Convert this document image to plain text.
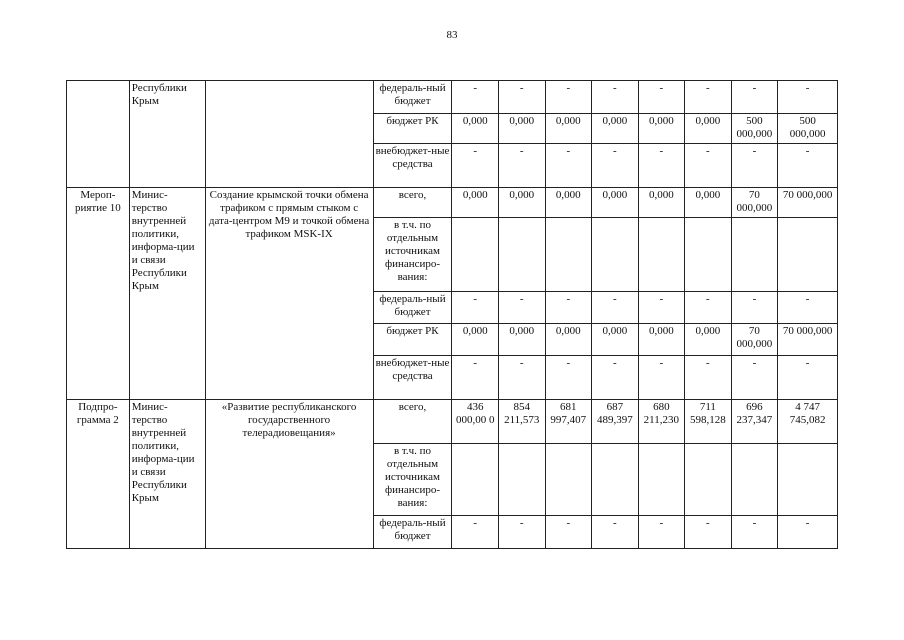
83
	Республики Крым		федераль-ный бюджет	-	-	-	-	-	-	-	-
			бюджет РК	0,000	0,000	0,000	0,000	0,000	0,000	500 000,000	500 000,000
			внебюджет-ные средства	-	-	-	-	-	-	-	-
Мероп-риятие 10	Минис-терство внутренней политики, информа-ции и связи Республики Крым	Создание крымской точки обмена трафиком с прямым стыком с дата-центром М9 и точкой обмена трафиком MSK-IX	всего,	0,000	0,000	0,000	0,000	0,000	0,000	70 000,000	70 000,000
			в т.ч. по отдельным источникам финансиро-вания:								
			федераль-ный бюджет	-	-	-	-	-	-	-	-
			бюджет РК	0,000	0,000	0,000	0,000	0,000	0,000	70 000,000	70 000,000
			внебюджет-ные средства	-	-	-	-	-	-	-	-
Подпро-грамма 2	Минис-терство внутренней политики, информа-ции и связи Республики Крым	«Развитие республиканского государственного телерадиовещания»	всего,	436 000,00 0	854 211,573	681 997,407	687 489,397	680 211,230	711 598,128	696 237,347	4 747 745,082
			в т.ч. по отдельным источникам финансиро-вания:								
			федераль-ный бюджет	-	-	-	-	-	-	-	-
